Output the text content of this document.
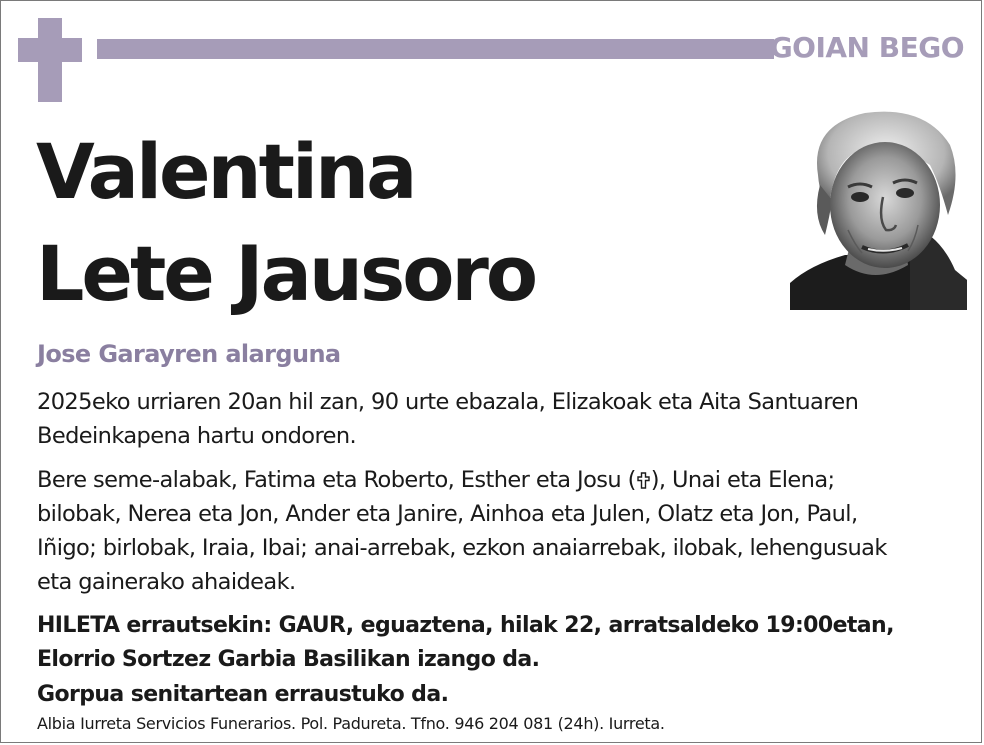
GOIAN BEGO
Valentina
Lete Jausoro
Jose Garayren alarguna
2025eko urriaren 20an hil zan, 90 urte ebazala, Elizakoak eta Aita Santuaren
Bedeinkapena hartu ondoren.
Bere seme-alabak, Fatima eta Roberto, Esther eta Josu ( ), Unai eta Elena;
bilobak, Nerea eta Jon, Ander eta Janire, Ainhoa eta Julen, Olatz eta Jon, Paul,
Iñigo; birlobak, Iraia, Ibai; anai-arrebak, ezkon anaiarrebak, ilobak, lehengusuak
eta gainerako ahaideak.
HILETA errautsekin: GAUR, eguaztena, hilak 22, arratsaldeko 19:00etan,
Elorrio Sortzez Garbia Basilikan izango da.
Gorpua senitartean erraustuko da.
Albia Iurreta Servicios Funerarios. Pol. Padureta. Tfno. 946 204 081 (24h). Iurreta.
